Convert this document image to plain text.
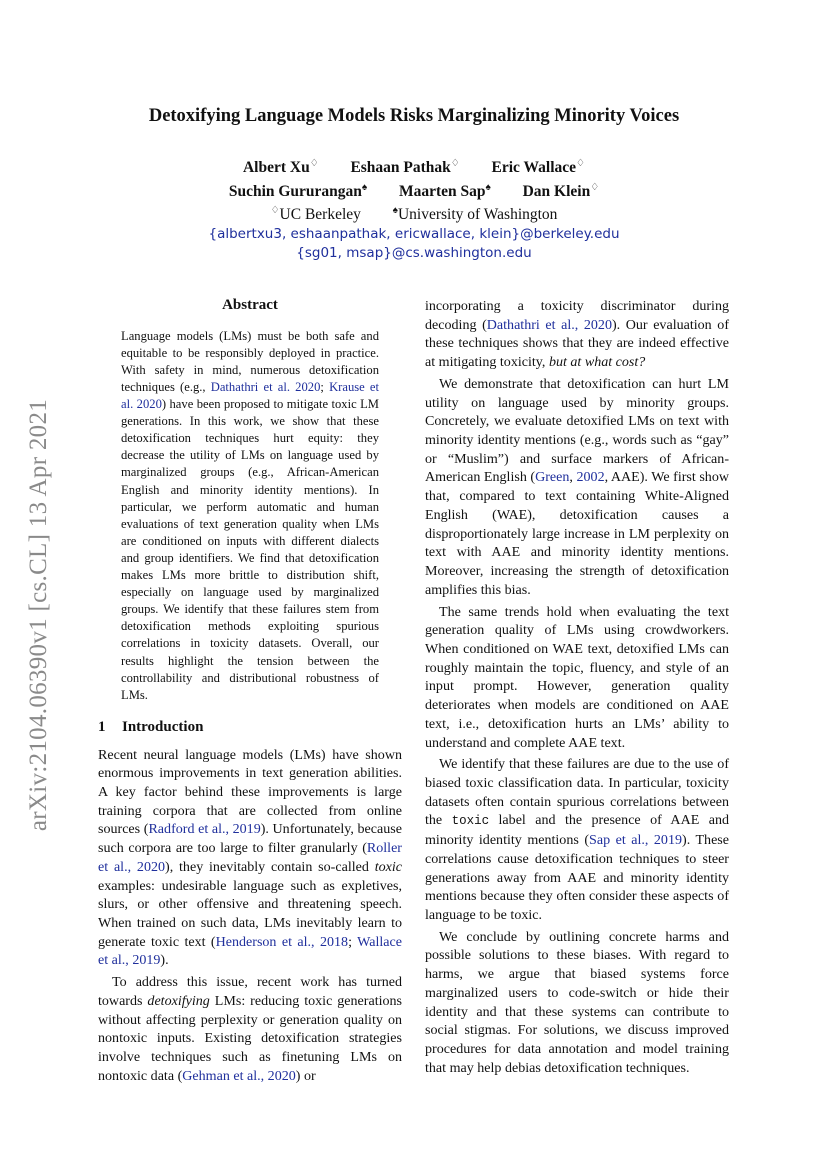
arXiv:2104.06390v1 [cs.CL] 13 Apr 2021
Detoxifying Language Models Risks Marginalizing Minority Voices
Albert Xu♢ Eshaan Pathak♢ Eric Wallace♢
Suchin Gururangan♠ Maarten Sap♠ Dan Klein♢
♢UC Berkeley	♠University of Washington
{albertxu3, eshaanpathak, ericwallace, klein}@berkeley.edu
{sg01, msap}@cs.washington.edu
Abstract
Language models (LMs) must be both safe and equitable to be responsibly deployed in practice. With safety in mind, numerous detoxification techniques (e.g., Dathathri et al. 2020; Krause et al. 2020) have been proposed to mitigate toxic LM generations. In this work, we show that these detoxification techniques hurt equity: they decrease the utility of LMs on language used by marginalized groups (e.g., African-American English and minority identity mentions). In particular, we perform automatic and human evaluations of text generation quality when LMs are conditioned on inputs with different dialects and group identifiers. We find that detoxification makes LMs more brittle to distribution shift, especially on language used by marginalized groups. We identify that these failures stem from detoxification methods exploiting spurious correlations in toxicity datasets. Overall, our results highlight the tension between the controllability and distributional robustness of LMs.
1 Introduction

Recent neural language models (LMs) have shown enormous improvements in text generation abilities. A key factor behind these improvements is large training corpora that are collected from online sources (Radford et al., 2019). Unfortunately, because such corpora are too large to filter granularly (Roller et al., 2020), they inevitably contain so-called toxic examples: undesirable language such as expletives, slurs, or other offensive and threatening speech. When trained on such data, LMs inevitably learn to generate toxic text (Henderson et al., 2018; Wallace et al., 2019).

To address this issue, recent work has turned towards detoxifying LMs: reducing toxic generations without affecting perplexity or generation quality on nontoxic inputs. Existing detoxification strategies involve techniques such as finetuning LMs on nontoxic data (Gehman et al., 2020) or

incorporating a toxicity discriminator during decoding (Dathathri et al., 2020). Our evaluation of these techniques shows that they are indeed effective at mitigating toxicity, but at what cost?

We demonstrate that detoxification can hurt LM utility on language used by minority groups. Concretely, we evaluate detoxified LMs on text with minority identity mentions (e.g., words such as “gay” or “Muslim”) and surface markers of African-American English (Green, 2002, AAE). We first show that, compared to text containing White-Aligned English (WAE), detoxification causes a disproportionately large increase in LM perplexity on text with AAE and minority identity mentions. Moreover, increasing the strength of detoxification amplifies this bias.

The same trends hold when evaluating the text generation quality of LMs using crowdworkers. When conditioned on WAE text, detoxified LMs can roughly maintain the topic, fluency, and style of an input prompt. However, generation quality deteriorates when models are conditioned on AAE text, i.e., detoxification hurts an LMs’ ability to understand and complete AAE text.

We identify that these failures are due to the use of biased toxic classification data. In particular, toxicity datasets often contain spurious correlations between the toxic label and the presence of AAE and minority identity mentions (Sap et al., 2019). These correlations cause detoxification techniques to steer generations away from AAE and minority identity mentions because they often consider these aspects of language to be toxic.

We conclude by outlining concrete harms and possible solutions to these biases. With regard to harms, we argue that biased systems force marginalized users to code-switch or hide their identity and that these systems can contribute to social stigmas. For solutions, we discuss improved procedures for data annotation and model training that may help debias detoxification techniques.
